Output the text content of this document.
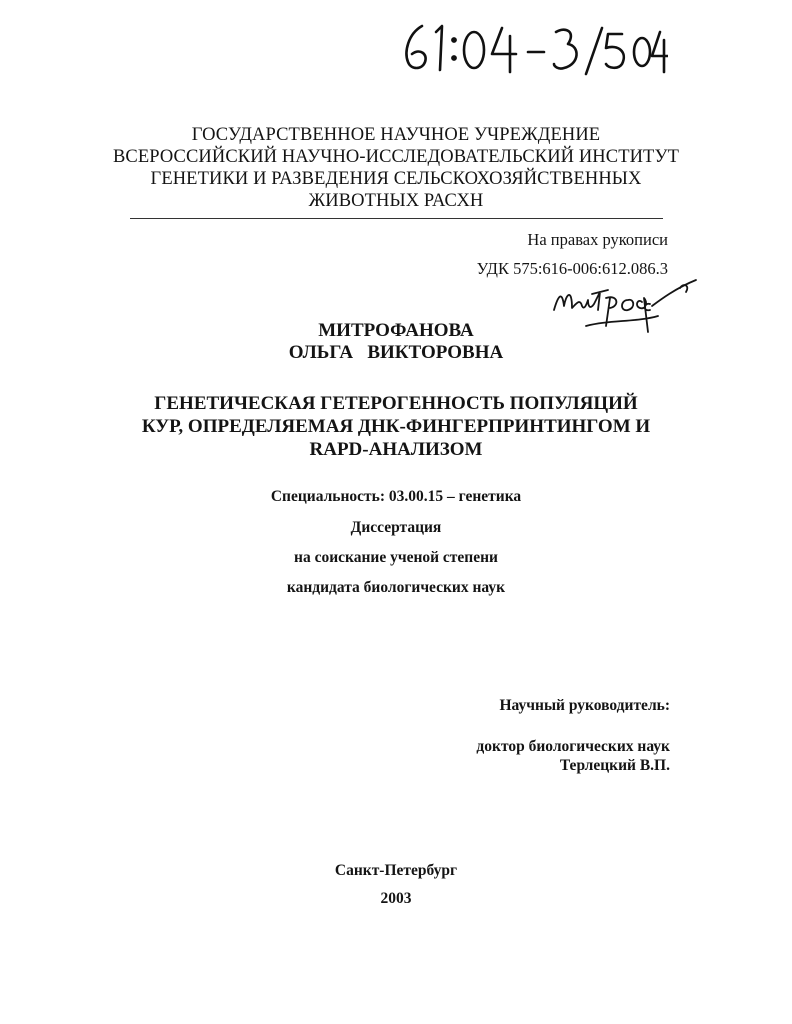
ГОСУДАРСТВЕННОЕ НАУЧНОЕ УЧРЕЖДЕНИЕ
ВСЕРОССИЙСКИЙ НАУЧНО-ИССЛЕДОВАТЕЛЬСКИЙ ИНСТИТУТ
ГЕНЕТИКИ И РАЗВЕДЕНИЯ СЕЛЬСКОХОЗЯЙСТВЕННЫХ
ЖИВОТНЫХ РАСХН
На правах рукописи
УДК 575:616-006:612.086.3
МИТРОФАНОВА
ОЛЬГА   ВИКТОРОВНА
ГЕНЕТИЧЕСКАЯ ГЕТЕРОГЕННОСТЬ ПОПУЛЯЦИЙ
КУР, ОПРЕДЕЛЯЕМАЯ ДНК-ФИНГЕРПРИНТИНГОМ И
RAPD-АНАЛИЗОМ
Специальность: 03.00.15 – генетика
Диссертация
на соискание ученой степени
кандидата биологических наук
Научный руководитель:
доктор биологических наук
Терлецкий В.П.
Санкт-Петербург
2003
